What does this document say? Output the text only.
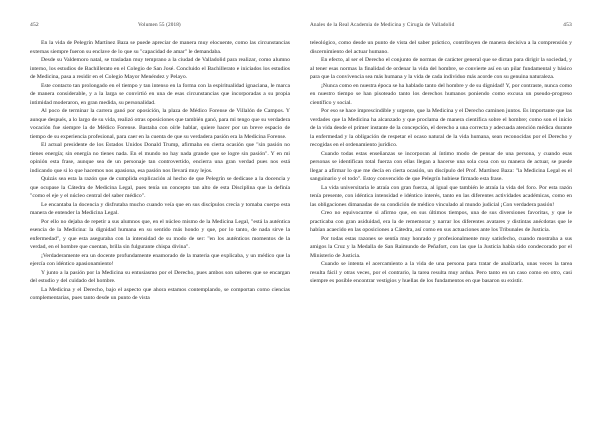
452	Volumen 55 (2018)

En la vida de Pelegrín Martínez Baza se puede apreciar de manera muy elocuente, como las circunstancias externas siempre fueron su enclave de lo que su "capacidad de amar" le demandaba.

Desde su Valdemoro natal, se trasladan muy temprano a la ciudad de Valladolid para realizar, como alumno interno, los estudios de Bachillerato en el Colegio de San José. Concluido el Bachillerato e iniciados los estudios de Medicina, pasa a residir en el Colegio Mayor Menéndez y Pelayo.

Este contacto tan prolongado en el tiempo y tan intenso en la forma con la espiritualidad ignaciana, le marca de manera considerable, y a la larga se convirtió en una de esas circunstancias que incorporadas a su propia intimidad moderaron, en gran medida, su personalidad.

Al poco de terminar la carrera ganó por oposición, la plaza de Médico Forense de Villalón de Campos. Y aunque después, a lo largo de su vida, realizó otras oposiciones que también ganó, para mi tengo que su verdadera vocación fue siempre la de Médico Forense. Bastaba con oírle hablar, quiere hacer por un breve espacio de tiempo de su experiencia profesional, para caer en la cuenta de que su verdadera pasión era la Medicina Forense.

El actual presidente de los Estados Unidos Donald Trump, afirmaba en cierta ocasión que "sin pasión no tienes energía; sin energía no tienes nada. En el mundo no hay nada grande que se logre sin pasión". Y en mi opinión esta frase, aunque sea de un personaje tan controvertido, encierra una gran verdad pues nos está indicando que si lo que hacemos nos apasiona, esa pasión nos llevará muy lejos.

Quizás sea esta la razón que de cumplida explicación al hecho de que Pelegrín se dedicase a la docencia y que ocupase la Cátedra de Medicina Legal, pues tenía un concepto tan alto de esta Disciplina que la definía "como el eje y el núcleo central del saber médico".

Le encantaba la docencia y disfrutaba mucho cuando veía que en sus discípulos crecía y tomaba cuerpo esta manera de entender la Medicina Legal.

Por ello no dejaba de repetir a sus alumnos que, en el núcleo mismo de la Medicina Legal, "está la auténtica esencia de la Medicina: la dignidad humana en su sentido más hondo y que, por lo tanto, de nada sirve la enfermedad", y que esta aseguraba con la intensidad de su modo de ser: "en los auténticos momentos de la verdad, en el hombre que cuentan, brilla sin fulgurante chispa divina".

¡Verdaderamente era un docente profundamente enamorado de la materia que explicaba, y un médico que la ejercía con idéntico apasionamiento!

Y junto a la pasión por la Medicina su entusiasmo por el Derecho, pues ambos son saberes que se encargan del estudio y del cuidado del hombre.

La Medicina y el Derecho, bajo el aspecto que ahora estamos contemplando, se comportan como ciencias complementarias, pues tanto desde un punto de vista

Anales de la Real Academia de Medicina y Cirugía de Valladolid	453

teleológico, como desde un punto de vista del saber práctico, contribuyen de manera decisiva a la comprensión y discernimiento del actuar humano.

En efecto, al ser el Derecho el conjunto de normas de carácter general que se dictan para dirigir la sociedad, y al tener esas normas la finalidad de ordenar la vida del hombre, se convierte así en un pilar fundamental y básico para que la convivencia sea más humana y la vida de cada individuo más acorde con su genuina naturaleza.

¡Nunca como en nuestra época se ha hablado tanto del hombre y de su dignidad! Y, por contraste, nunca como en nuestro tiempo se han pisoteado tanto los derechos humanos poniendo como excusa un pseudo-progreso científico y social.

Por eso se hace imprescindible y urgente, que la Medicina y el Derecho caminen juntos. Es importante que las verdades que la Medicina ha alcanzado y que proclama de manera científica sobre el hombre; como son el inicio de la vida desde el primer instante de la concepción, el derecho a una correcta y adecuada atención médica durante la enfermedad y la obligación de respetar el ocaso natural de la vida humana, sean reconocidas por el Derecho y recogidas en el ordenamiento jurídico.

Cuando todas estas enseñanzas se incorporan al íntimo modo de pensar de una persona, y cuando esas personas se identifican total fuerza con ellas llegan a hacerse una sola cosa con su manera de actuar, se puede llegar a afirmar lo que me decía en cierta ocasión, un discípulo del Prof. Martínez Baza: "la Medicina Legal es el sanguinario y el todo". Estoy convencido de que Pelegrín hubiese firmado esta frase.

La vida universitaria le atraía con gran fuerza, al igual que también le atraía la vida del foro. Por esta razón tenía presente, con idéntica intensidad e idéntico interés, tanto en las diferentes actividades académicas, como en las obligaciones dimanadas de su condición de médico vinculado al mundo judicial ¡Con verdadera pasión!

Creo no equivocarme si afirmo que, en sus últimos tiempos, una de sus diversiones favoritas, y que le practicaba con gran asiduidad, era la de rememorar y narrar los diferentes avatares y distintas anécdotas que le habían acaecido en las oposiciones a Cátedra, así como en sus actuaciones ante los Tribunales de Justicia.

Por todas estas razones se sentía muy honrado y profesionalmente muy satisfecho, cuando mostraba a sus amigos la Cruz y la Medalla de San Raimundo de Peñafort, con las que la Justicia había sido condecorado por el Ministerio de Justicia.

Cuando se intenta el acercamiento a la vida de una persona para tratar de analizarla, unas veces la tarea resulta fácil y otras veces, por el contrario, la tarea resulta muy ardua. Pero tanto en un caso como en otro, casi siempre es posible encontrar vestigios y huellas de los fundamentos en que basaron su existir.
